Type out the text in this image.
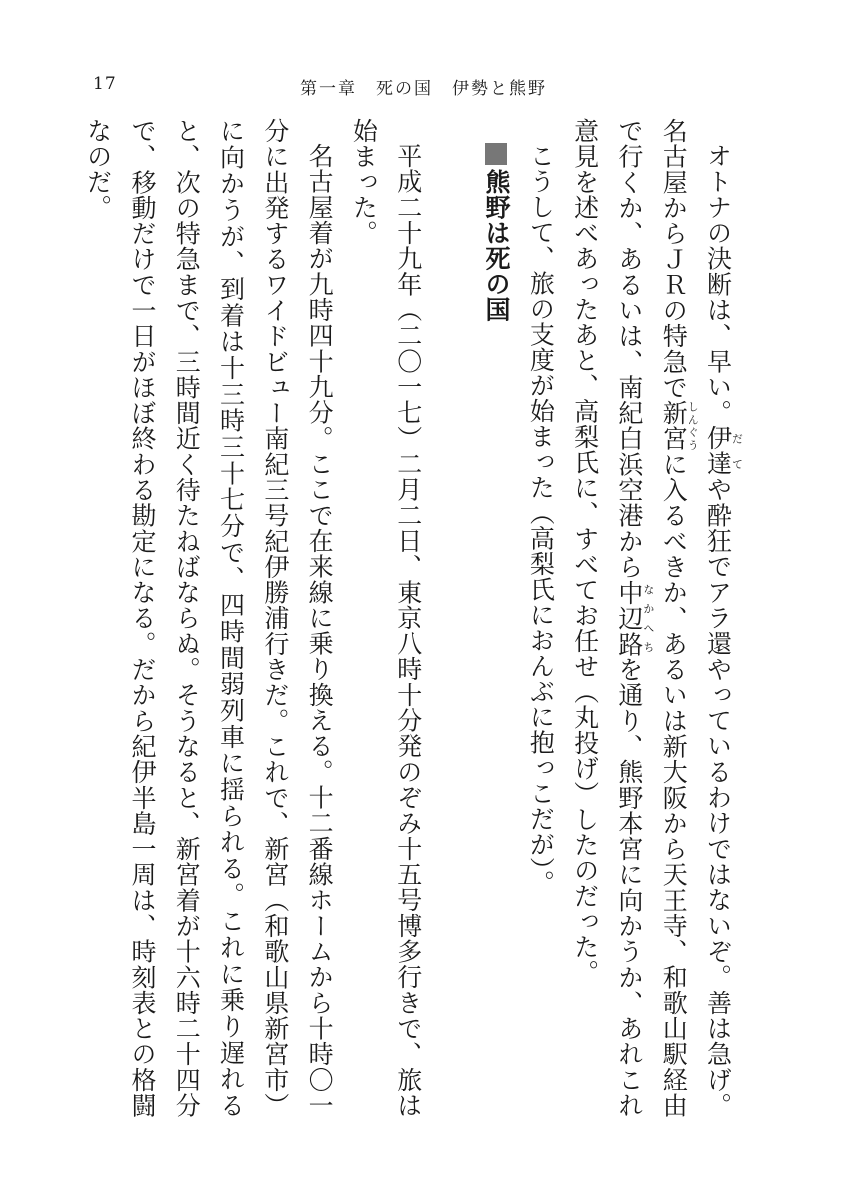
17	第一章　死の国　伊勢と熊野

オトナの決断は、早い。伊達だてや酔狂でアラ還やっているわけではないぞ。善は急げ。名古屋からＪＲの特急で新宮しんぐうに入るべきか、あるいは新大阪から天王寺、和歌山駅経由で行くか、あるいは、南紀白浜空港から中辺路なかへちを通り、熊野本宮に向かうか、あれこれ意見を述べあったあと、高梨氏に、すべてお任せ（丸投げ）したのだった。

こうして、旅の支度が始まった（高梨氏におんぶに抱っこだが）。

熊野は死の国

平成二十九年（二〇一七）二月二日、東京八時十分発のぞみ十五号博多行きで、旅は始まった。

名古屋着が九時四十九分。ここで在来線に乗り換える。十二番線ホームから十時〇一分に出発するワイドビュー南紀三号紀伊勝浦行きだ。これで、新宮（和歌山県新宮市）に向かうが、到着は十三時三十七分で、四時間弱列車に揺られる。これに乗り遅れると、次の特急まで、三時間近く待たねばならぬ。そうなると、新宮着が十六時二十四分で、移動だけで一日がほぼ終わる勘定になる。だから紀伊半島一周は、時刻表との格闘なのだ。
